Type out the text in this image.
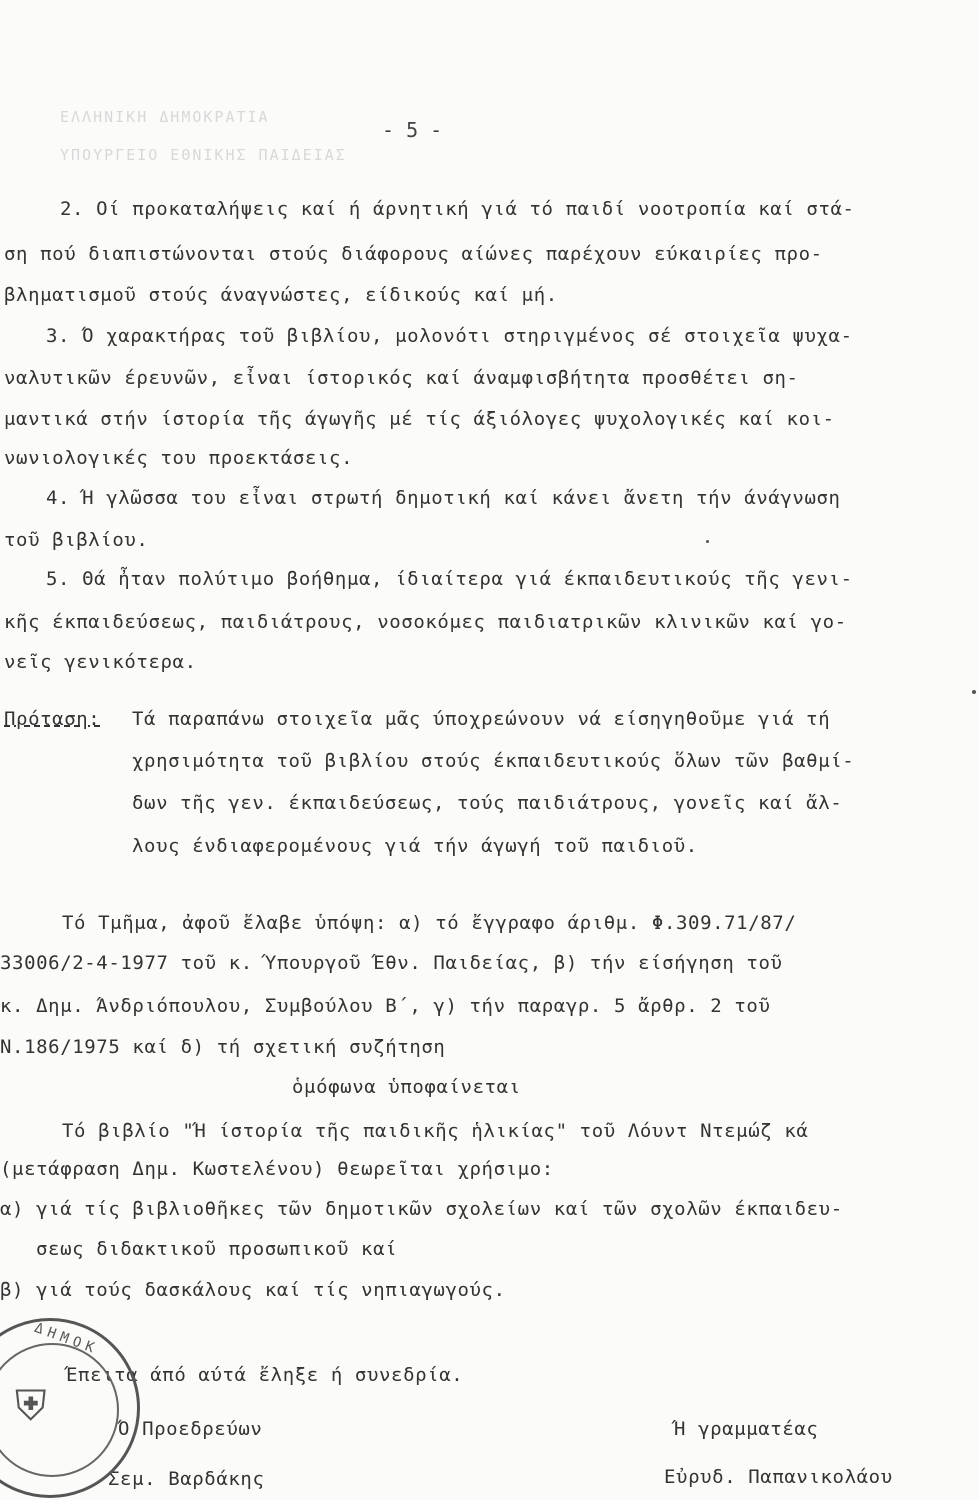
ΕΛΛΗΝΙΚΗ ΔΗΜΟΚΡΑΤΙΑ
ΥΠΟΥΡΓΕΙΟ ΕΘΝΙΚΗΣ ΠΑΙΔΕΙΑΣ
- 5 -
2. Οί προκαταλήψεις καί ή άρνητική γιά τό παιδί νοοτροπία καί στά-
ση πού διαπιστώνονται στούς διάφορους αίώνες παρέχουν εύκαιρίες προ-
βληματισμοῦ στούς άναγνώστες, είδικούς καί μή.
3. Ό χαρακτήρας τοῦ βιβλίου, μολονότι στηριγμένος σέ στοιχεῖα ψυχα-
ναλυτικῶν έρευνῶν, εἶναι ίστορικός καί άναμφισβήτητα προσθέτει ση-
μαντικά στήν ίστορία τῆς άγωγῆς μέ τίς άξιόλογες ψυχολογικές καί κοι-
νωνιολογικές του προεκτάσεις.
4. Ή γλῶσσα του εἶναι στρωτή δημοτική καί κάνει ἄνετη τήν άνάγνωση
τοῦ βιβλίου.
5. Θά ἦταν πολύτιμο βοήθημα, ίδιαίτερα γιά έκπαιδευτικούς τῆς γενι-
κῆς έκπαιδεύσεως, παιδιάτρους, νοσοκόμες παιδιατρικῶν κλινικῶν καί γο-
νεῖς γενικότερα.
Πρόταση: Τά παραπάνω στοιχεῖα μᾶς ύποχρεώνουν νά είσηγηθοῦμε γιά τή
χρησιμότητα τοῦ βιβλίου στούς έκπαιδευτικούς ὅλων τῶν βαθμί-
δων τῆς γεν. έκπαιδεύσεως, τούς παιδιάτρους, γονεῖς καί ἄλ-
λους ένδιαφερομένους γιά τήν άγωγή τοῦ παιδιοῦ.
Τό Τμῆμα, ἀφοῦ ἔλαβε ὑπόψη: α) τό ἔγγραφο άριθμ. Φ.309.71/87/
33006/2-4-1977 τοῦ κ. Ύπουργοῦ Έθν. Παιδείας, β) τήν είσήγηση τοῦ
κ. Δημ. Άνδριόπουλου, Συμβούλου Β΄, γ) τήν παραγρ. 5 ἄρθρ. 2 τοῦ
Ν.186/1975 καί δ) τή σχετική συζήτηση
ὁμόφωνα ὑποφαίνεται
Τό βιβλίο "Ή ίστορία τῆς παιδικῆς ἡλικίας" τοῦ Λόυντ Ντεμώζ κά
(μετάφραση Δημ. Κωστελένου) θεωρεῖται χρήσιμο:
α) γιά τίς βιβλιοθῆκες τῶν δημοτικῶν σχολείων καί τῶν σχολῶν έκπαιδευ-
σεως διδακτικοῦ προσωπικοῦ καί
β) γιά τούς δασκάλους καί τίς νηπιαγωγούς.
Έπειτα άπό αύτά ἔληξε ή συνεδρία.
Ό Προεδρεύων
Σεμ. Βαρδάκης
Ή γραμματέας
Εὐρυδ. Παπανικολάου
ΔΗΜΟΚ
⛨
